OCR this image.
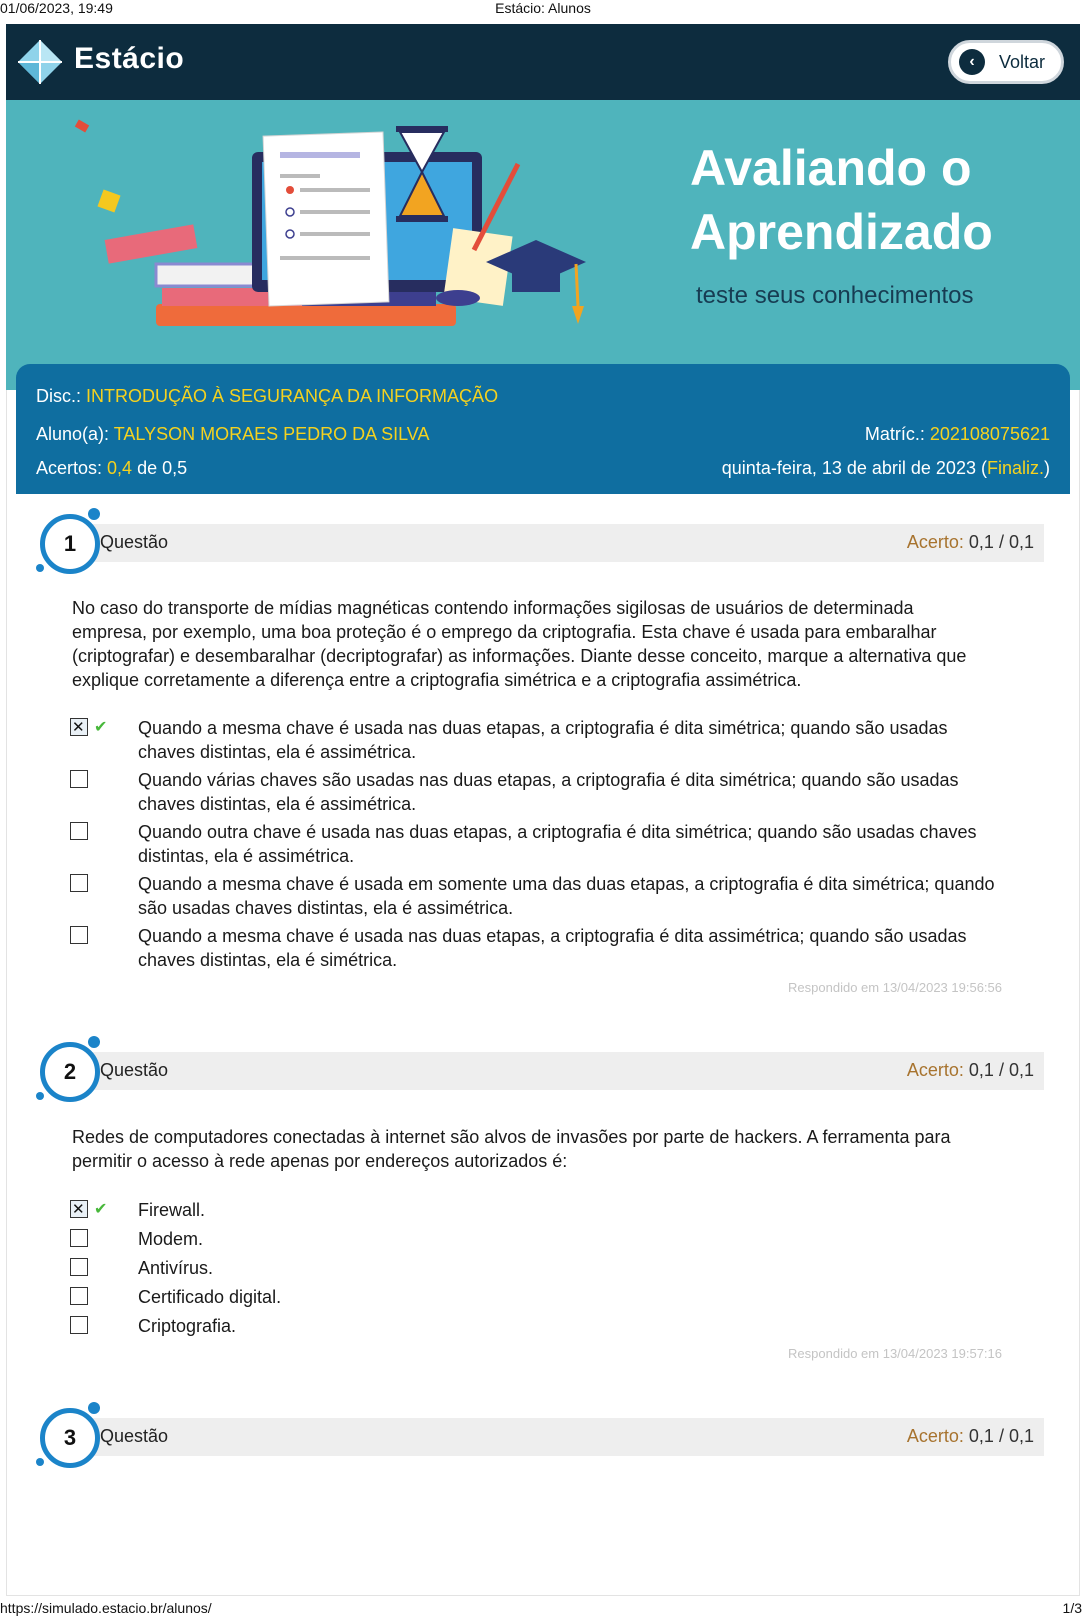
01/06/2023, 19:49	Estácio: Alunos
Estácio	‹	Voltar
Avaliando o
Aprendizado
teste seus conhecimentos
Disc.: INTRODUÇÃO À SEGURANÇA DA INFORMAÇÃO
Aluno(a): TALYSON MORAES PEDRO DA SILVA	Matríc.: 202108075621
Acertos: 0,4 de 0,5	quinta-feira, 13 de abril de 2023 (Finaliz.)
1	Questão	Acerto: 0,1 / 0,1
No caso do transporte de mídias magnéticas contendo informações sigilosas de usuários de determinada empresa, por exemplo, uma boa proteção é o emprego da criptografia. Esta chave é usada para embaralhar (criptografar) e desembaralhar (decriptografar) as informações. Diante desse conceito, marque a alternativa que explique corretamente a diferença entre a criptografia simétrica e a criptografia assimétrica.
✕
✔ Quando a mesma chave é usada nas duas etapas, a criptografia é dita simétrica; quando são usadas chaves distintas, ela é assimétrica.
Quando várias chaves são usadas nas duas etapas, a criptografia é dita simétrica; quando são usadas chaves distintas, ela é assimétrica.
Quando outra chave é usada nas duas etapas, a criptografia é dita simétrica; quando são usadas chaves distintas, ela é assimétrica.
Quando a mesma chave é usada em somente uma das duas etapas, a criptografia é dita simétrica; quando são usadas chaves distintas, ela é assimétrica.
Quando a mesma chave é usada nas duas etapas, a criptografia é dita assimétrica; quando são usadas chaves distintas, ela é simétrica.
Respondido em 13/04/2023 19:56:56
2	Questão	Acerto: 0,1 / 0,1
Redes de computadores conectadas à internet são alvos de invasões por parte de hackers. A ferramenta para permitir o acesso à rede apenas por endereços autorizados é:
✕
✔ Firewall.
Modem.
Antivírus.
Certificado digital.
Criptografia.
Respondido em 13/04/2023 19:57:16
3	Questão	Acerto: 0,1 / 0,1
https://simulado.estacio.br/alunos/	1/3
